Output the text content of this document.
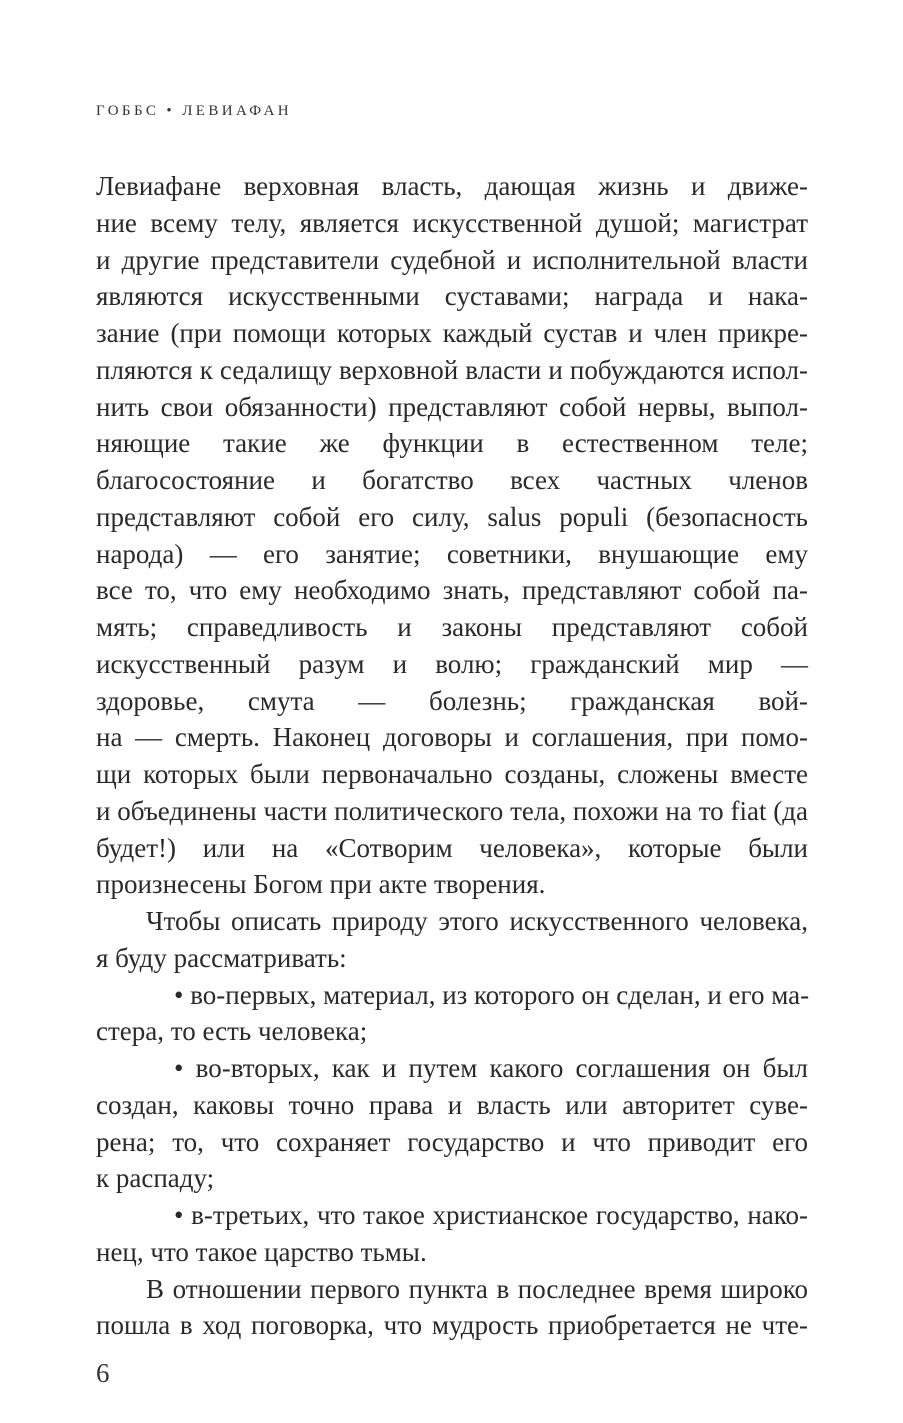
ГОББС • ЛЕВИАФАН
Левиафане верховная власть, дающая жизнь и движе-
ние всему телу, является искусственной душой; магистрат
и другие представители судебной и исполнительной власти
являются искусственными суставами; награда и нака-
зание (при помощи которых каждый сустав и член прикре-
пляются к седалищу верховной власти и побуждаются испол-
нить свои обязанности) представляют собой нервы, выпол-
няющие такие же функции в естественном теле;
благосостояние и богатство всех частных членов
представляют собой его силу, salus populi (безопасность
народа) — его занятие; советники, внушающие ему
все то, что ему необходимо знать, представляют собой па-
мять; справедливость и законы представляют собой
искусственный разум и волю; гражданский мир —
здоровье, смута — болезнь; гражданская вой-
на — смерть. Наконец договоры и соглашения, при помо-
щи которых были первоначально созданы, сложены вместе
и объединены части политического тела, похожи на то fiat (да
будет!) или на «Сотворим человека», которые были
произнесены Богом при акте творения.
Чтобы описать природу этого искусственного человека,
я буду рассматривать:
• во-первых, материал, из которого он сделан, и его ма-
стера, то есть человека;
• во-вторых, как и путем какого соглашения он был
создан, каковы точно права и власть или авторитет суве-
рена; то, что сохраняет государство и что приводит его
к распаду;
• в-третьих, что такое христианское государство, нако-
нец, что такое царство тьмы.
В отношении первого пункта в последнее время широко
пошла в ход поговорка, что мудрость приобретается не чте-
6
